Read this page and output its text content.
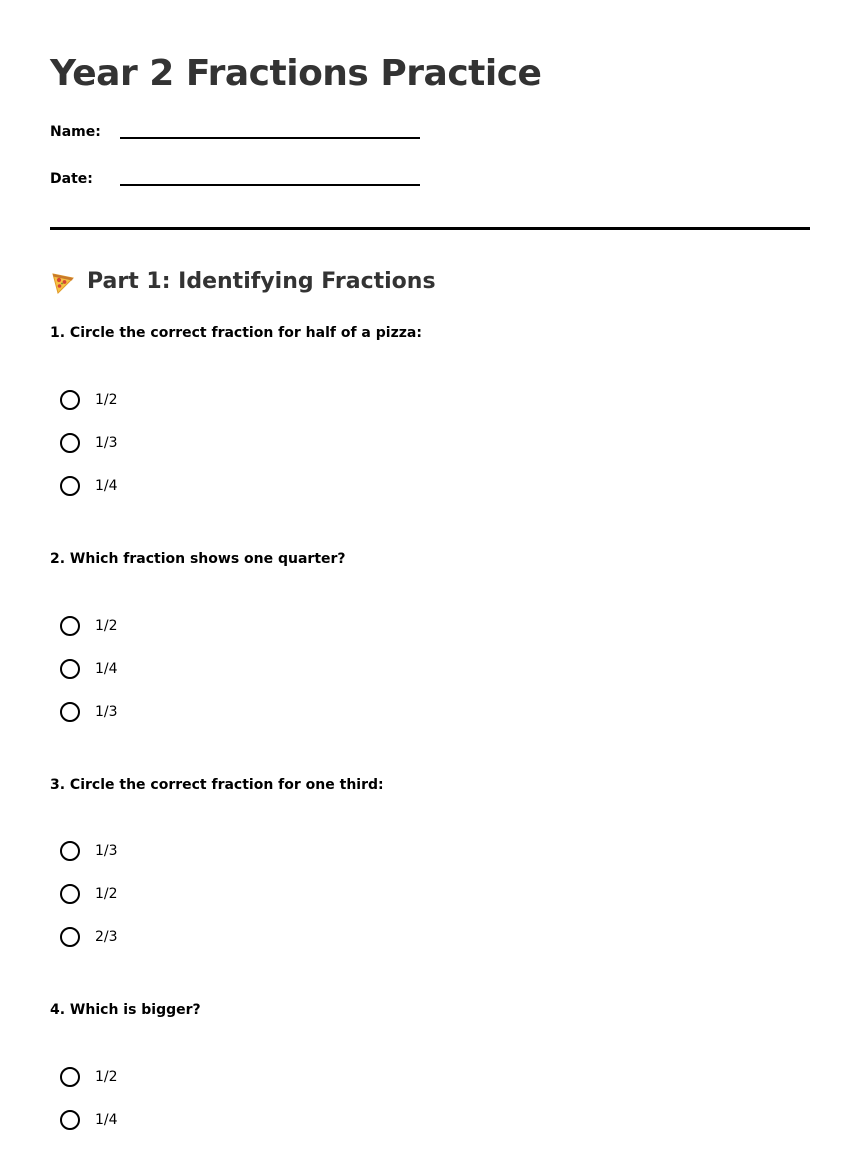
Year 2 Fractions Practice
Name:
Date:
Part 1: Identifying Fractions
1. Circle the correct fraction for half of a pizza:
1/2
1/3
1/4
2. Which fraction shows one quarter?
1/2
1/4
1/3
3. Circle the correct fraction for one third:
1/3
1/2
2/3
4. Which is bigger?
1/2
1/4
